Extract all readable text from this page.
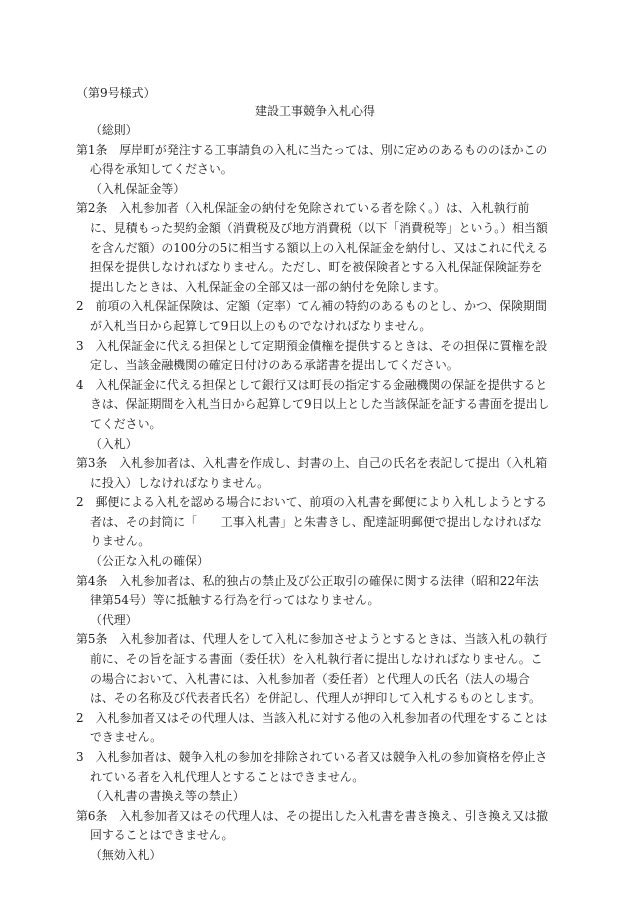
（第9号様式）
建設工事競争入札心得
（総則）
第1条　厚岸町が発注する工事請負の入札に当たっては、別に定めのあるもののほかこの心得を承知してください。
（入札保証金等）
第2条　入札参加者（入札保証金の納付を免除されている者を除く。）は、入札執行前に、見積もった契約金額（消費税及び地方消費税（以下「消費税等」という。）相当額を含んだ額）の100分の5に相当する額以上の入札保証金を納付し、又はこれに代える担保を提供しなければなりません。ただし、町を被保険者とする入札保証保険証券を提出したときは、入札保証金の全部又は一部の納付を免除します。
2　前項の入札保証保険は、定額（定率）てん補の特約のあるものとし、かつ、保険期間が入札当日から起算して9日以上のものでなければなりません。
3　入札保証金に代える担保として定期預金債権を提供するときは、その担保に質権を設定し、当該金融機関の確定日付けのある承諾書を提出してください。
4　入札保証金に代える担保として銀行又は町長の指定する金融機関の保証を提供するときは、保証期間を入札当日から起算して9日以上とした当該保証を証する書面を提出してください。
（入札）
第3条　入札参加者は、入札書を作成し、封書の上、自己の氏名を表記して提出（入札箱に投入）しなければなりません。
2　郵便による入札を認める場合において、前項の入札書を郵便により入札しようとする者は、その封筒に「　　工事入札書」と朱書きし、配達証明郵便で提出しなければなりません。
（公正な入札の確保）
第4条　入札参加者は、私的独占の禁止及び公正取引の確保に関する法律（昭和22年法律第54号）等に抵触する行為を行ってはなりません。
（代理）
第5条　入札参加者は、代理人をして入札に参加させようとするときは、当該入札の執行前に、その旨を証する書面（委任状）を入札執行者に提出しなければなりません。この場合において、入札書には、入札参加者（委任者）と代理人の氏名（法人の場合は、その名称及び代表者氏名）を併記し、代理人が押印して入札するものとします。
2　入札参加者又はその代理人は、当該入札に対する他の入札参加者の代理をすることはできません。
3　入札参加者は、競争入札の参加を排除されている者又は競争入札の参加資格を停止されている者を入札代理人とすることはできません。
（入札書の書換え等の禁止）
第6条　入札参加者又はその代理人は、その提出した入札書を書き換え、引き換え又は撤回することはできません。
（無効入札）
